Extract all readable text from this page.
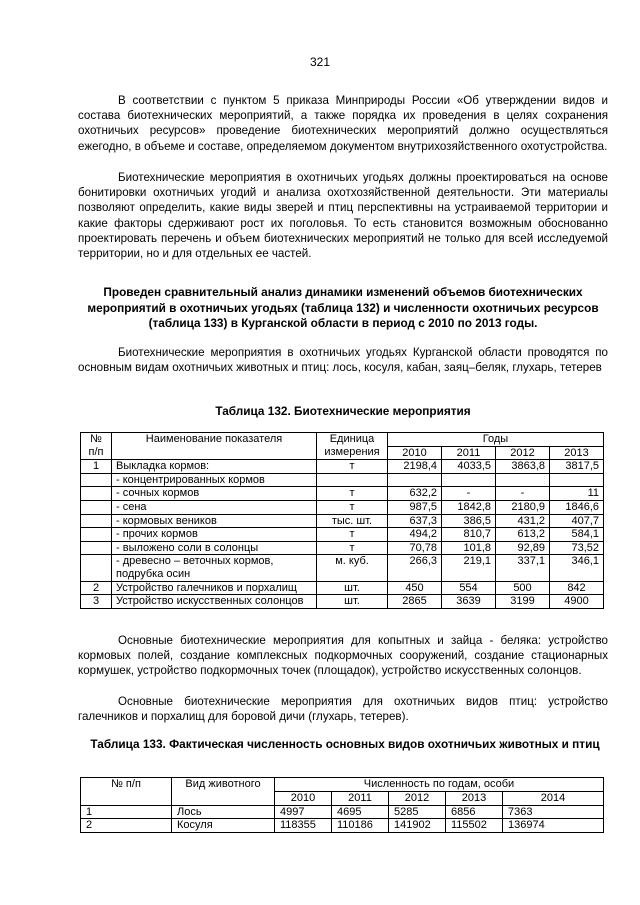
321

В соответствии с пунктом 5 приказа Минприроды России «Об утверждении видов и состава биотехнических мероприятий, а также порядка их проведения в целях сохранения охотничьих ресурсов» проведение биотехнических мероприятий должно осуществляться ежегодно, в объеме и составе, определяемом документом внутрихозяйственного охотустройства.

Биотехнические мероприятия в охотничьих угодьях должны проектироваться на основе бонитировки охотничьих угодий и анализа охотхозяйственной деятельности. Эти материалы позволяют определить, какие виды зверей и птиц перспективны на устраиваемой территории и какие факторы сдерживают рост их поголовья. То есть становится возможным обоснованно проектировать перечень и объем биотехнических мероприятий не только для всей исследуемой территории, но и для отдельных ее частей.

Проведен сравнительный анализ динамики изменений объемов биотехнических мероприятий в охотничьих угодьях (таблица 132) и численности охотничьих ресурсов (таблица 133) в Курганской области в период с 2010 по 2013 годы.

Биотехнические мероприятия в охотничьих угодьях Курганской области проводятся по основным видам охотничьих животных и птиц: лось, косуля, кабан, заяц–беляк, глухарь, тетерев

Таблица 132. Биотехнические мероприятия

№ п/п	Наименование показателя	Единица измерения	Годы			
			2010	2011	2012	2013
1	Выкладка кормов:	т	2198,4	4033,5	3863,8	3817,5
	- концентрированных кормов					
	- сочных кормов	т	632,2	-	-	11
	- сена	т	987,5	1842,8	2180,9	1846,6
	- кормовых веников	тыс. шт.	637,3	386,5	431,2	407,7
	- прочих кормов	т	494,2	810,7	613,2	584,1
	- выложено соли в солонцы	т	70,78	101,8	92,89	73,52
	- древесно – веточных кормов, подрубка осин	м. куб.	266,3	219,1	337,1	346,1
2	Устройство галечников и порхалищ	шт.	450	554	500	842
3	Устройство искусственных солонцов	шт.	2865	3639	3199	4900

Основные биотехнические мероприятия для копытных и зайца - беляка: устройство кормовых полей, создание комплексных подкормочных сооружений, создание стационарных кормушек, устройство подкормочных точек (площадок), устройство искусственных солонцов.

Основные биотехнические мероприятия для охотничьих видов птиц: устройство галечников и порхалищ для боровой дичи (глухарь, тетерев).

Таблица 133. Фактическая численность основных видов охотничьих животных и птиц

№ п/п	Вид животного	Численность по годам, особи				
		2010	2011	2012	2013	2014
1	Лось	4997	4695	5285	6856	7363
2	Косуля	118355	110186	141902	115502	136974
